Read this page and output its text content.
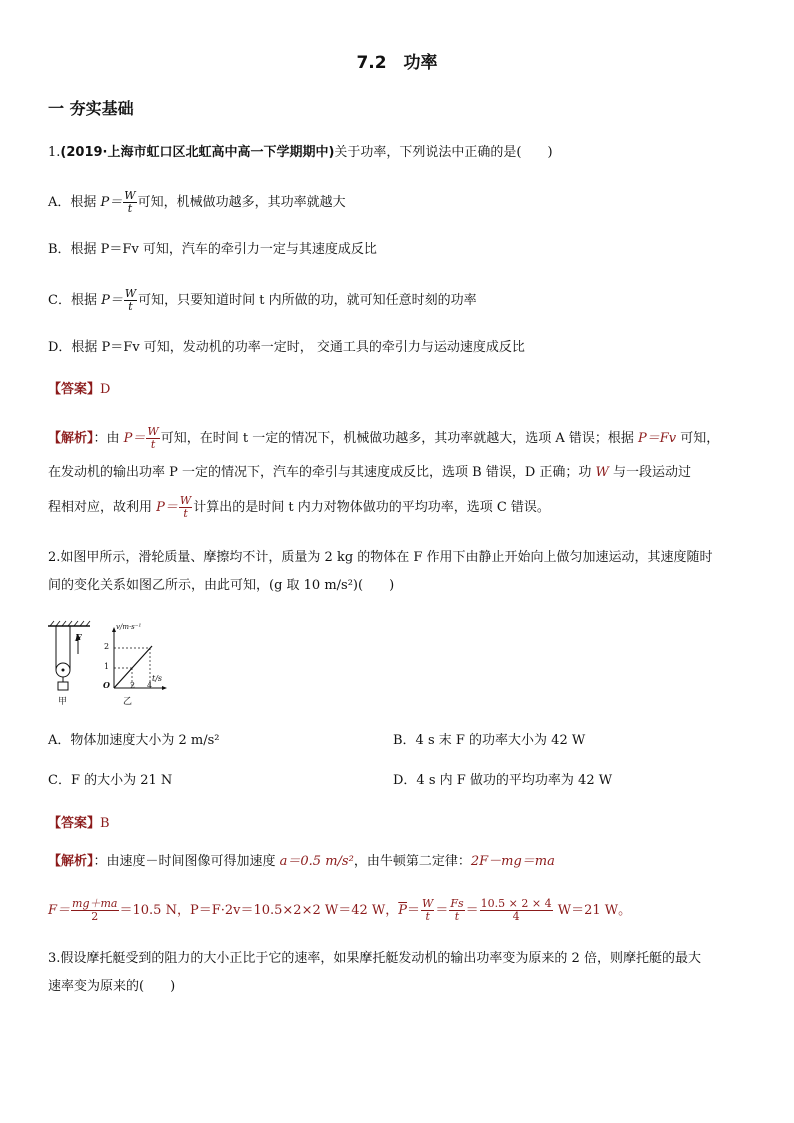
7.2　功率
一 夯实基础
1.(2019·上海市虹口区北虹高中高一下学期期中)关于功率，下列说法中正确的是(　　)
A．根据 $P= \frac{W}{t}$ 可知，机械做功越多，其功率就越大
B．根据 P＝Fv 可知，汽车的牵引力一定与其速度成反比
C．根据 $P= \frac{W}{t}$ 可知，只要知道时间 t 内所做的功，就可知任意时刻的功率
D．根据 P＝Fv 可知，发动机的功率一定时， 交通工具的牵引力与运动速度成反比
【答案】D
【解析】：由 $P= \frac{W}{t}$ 可知，在时间 t 一定的情况下，机械做功越多，其功率就越大，选项 A 错误；根据 P＝Fv 可知，
在发动机的输出功率 P 一定的情况下，汽车的牵引与其速度成反比，选项 B 错误，D 正确；功 W 与一段运动过
程相对应，故利用 $P= \frac{W}{t}$ 计算出的是时间 t 内力对物体做功的平均功率，选项 C 错误。
2.如图甲所示，滑轮质量、摩擦均不计，质量为 2 kg 的物体在 F 作用下由静止开始向上做匀加速运动，其速度随时
间的变化关系如图乙所示，由此可知，(g 取 10 m/s²)(　　)
F
v/m·s⁻¹
t/s
2
1
O	2 4
甲	乙
A．物体加速度大小为 2 m/s²	B．4 s 末 F 的功率大小为 42 W
C．F 的大小为 21 N	D．4 s 内 F 做功的平均功率为 42 W
【答案】B
【解析】：由速度－时间图像可得加速度 a＝0.5 m/s²，由牛顿第二定律：2F－mg＝ma
$F= \frac{mg+ma}{2} =10.5$ N，P＝F·2v＝10.5×2×2 W＝42 W，$\overline{P}= \frac{W}{t} = \frac{Fs}{t} = \frac{10.5 \times 2 \times 4}{4} W=21$ W。
3.假设摩托艇受到的阻力的大小正比于它的速率，如果摩托艇发动机的输出功率变为原来的 2 倍，则摩托艇的最大
速率变为原来的(　　)
